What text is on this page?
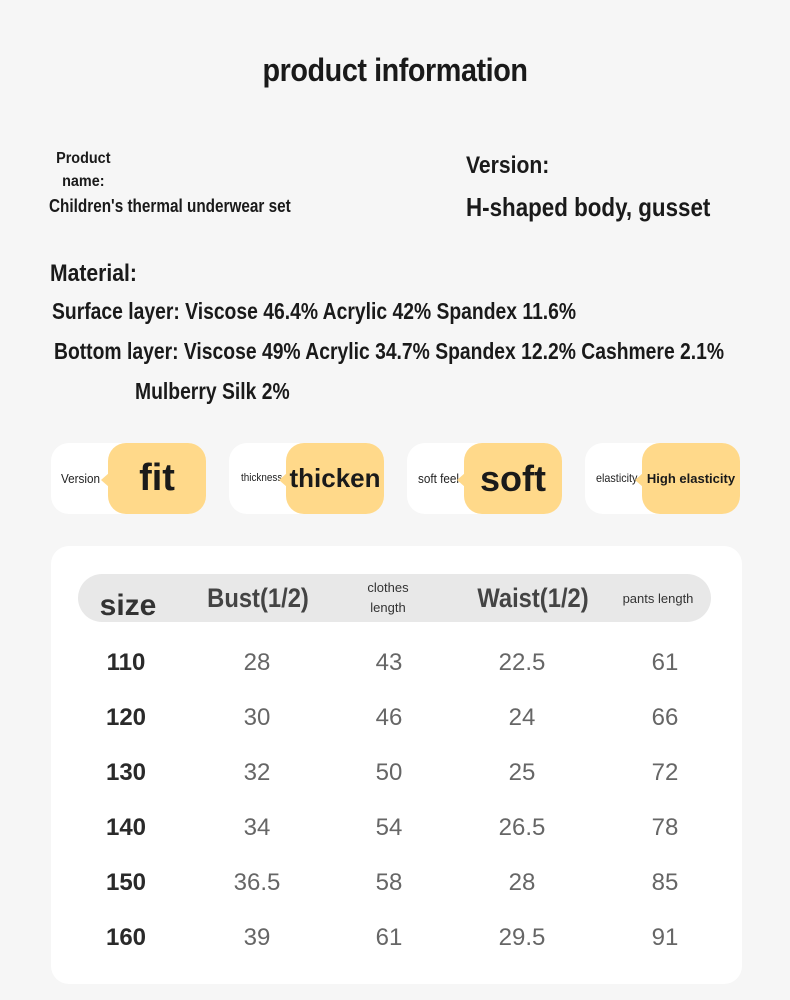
product information
Product name:
Children's thermal underwear set
Version:
H-shaped body, gusset
Material:
Surface layer: Viscose 46.4% Acrylic 42% Spandex 11.6%
Bottom layer: Viscose 49% Acrylic 34.7% Spandex 12.2% Cashmere 2.1%
Mulberry Silk 2%
Version	fit	thickness thicken	soft feel soft	elasticity High elasticity
size	Bust(1/2)	clothes length	Waist(1/2)	pants length
110	28	43	22.5	61
120	30	46	24	66
130	32	50	25	72
140	34	54	26.5	78
150	36.5	58	28	85
160	39	61	29.5	91
